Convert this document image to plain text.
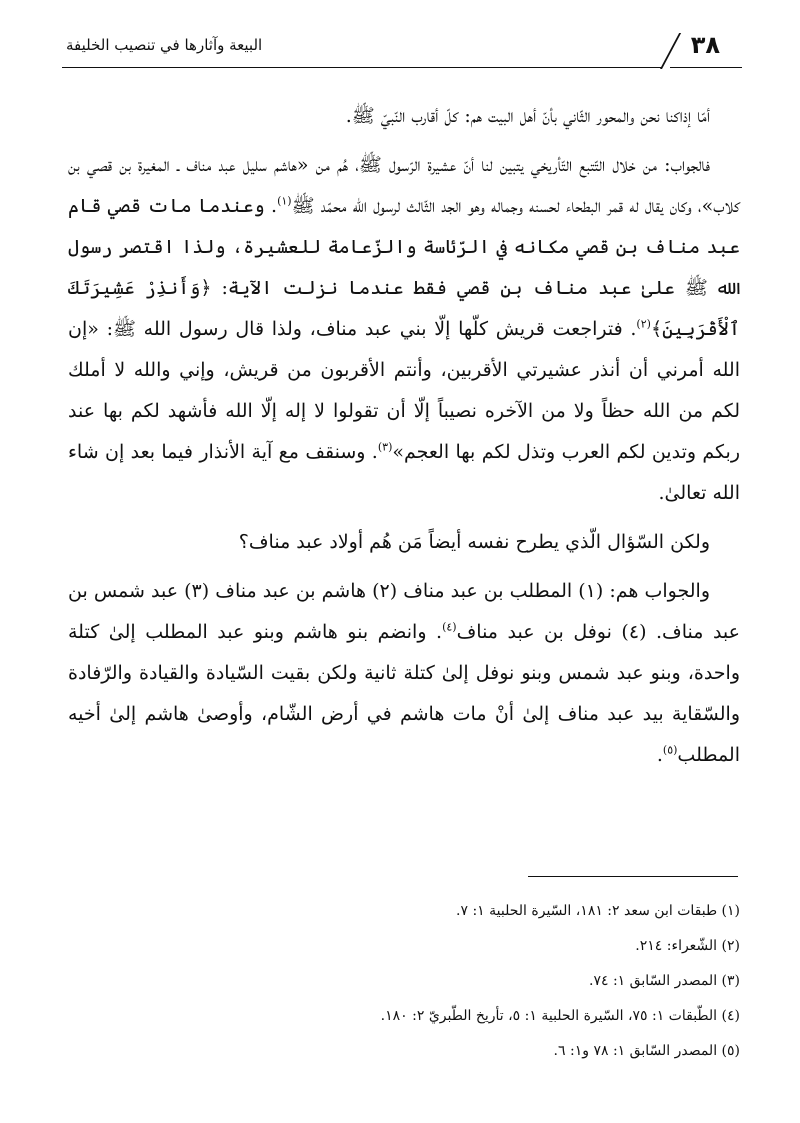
٣٨
البيعة وآثارها في تنصيب الخليفة

أمّا إذاكنا نحن والمحور الثّاني بأنّ أهل البيت هم: كلّ أقارب النّبيّ ﷺ.

فالجواب: من خلال التّتبع التّأريخي يتبين لنا أنّ عشيرة الرّسول ﷺ، هُم من «هاشم سليل عبد مناف ـ المغيرة بن قصي بن كلاب»، وكان يقال له قمر البطحاء لحسنه وجماله وهو الجد الثّالث لرسول الله محمّد ﷺ$^{(١)}$. وعندما مات قصي قام عبد مناف بن قصي مكانه في الرّئاسة والزّعامة للعشيرة، ولذا اقتصر رسول الله ﷺ علىٰ عبد مناف بن قصي فقط عندما نزلت الآية: ﴿وَأَنذِرْ عَشِيرَتَكَ ٱلْأَقْرَبِينَ﴾$^{(٢)}$. فتراجعت قريش كلّها إلّا بني عبد مناف، ولذا قال رسول الله ﷺ: «إن الله أمرني أن أنذر عشيرتي الأقربين، وأنتم الأقربون من قريش، وإني والله لا أملك لكم من الله حظاً ولا من الآخره نصيباً إلّا أن تقولوا لا إله إلّا الله فأشهد لكم بها عند ربكم وتدين لكم العرب وتذل لكم بها العجم»$^{(٣)}$. وسنقف مع آية الأنذار فيما بعد إن شاء الله تعالىٰ.

ولكن السّؤال الّذي يطرح نفسه أيضاً مَن هُم أولاد عبد مناف؟

والجواب هم: (١) المطلب بن عبد مناف (٢) هاشم بن عبد مناف (٣) عبد شمس بن عبد مناف. (٤) نوفل بن عبد مناف$^{(٤)}$. وانضم بنو هاشم وبنو عبد المطلب إلىٰ كتلة واحدة، وبنو عبد شمس وبنو نوفل إلىٰ كتلة ثانية ولكن بقيت السّيادة والقيادة والرّفادة والسّقاية بيد عبد مناف إلىٰ أنْ مات هاشم في أرض الشّام، وأوصىٰ هاشم إلىٰ أخيه المطلب$^{(٥)}$.

(١) طبقات ابن سعد ٢: ١٨١، السّيرة الحلبية ١: ٧.
(٢) الشّعراء: ٢١٤.
(٣) المصدر السّابق ١: ٧٤.
(٤) الطّبقات ١: ٧٥، السّيرة الحلبية ١: ٥، تأريخ الطّبريّ ٢: ١٨٠.
(٥) المصدر السّابق ١: ٧٨ و١: ٦.
